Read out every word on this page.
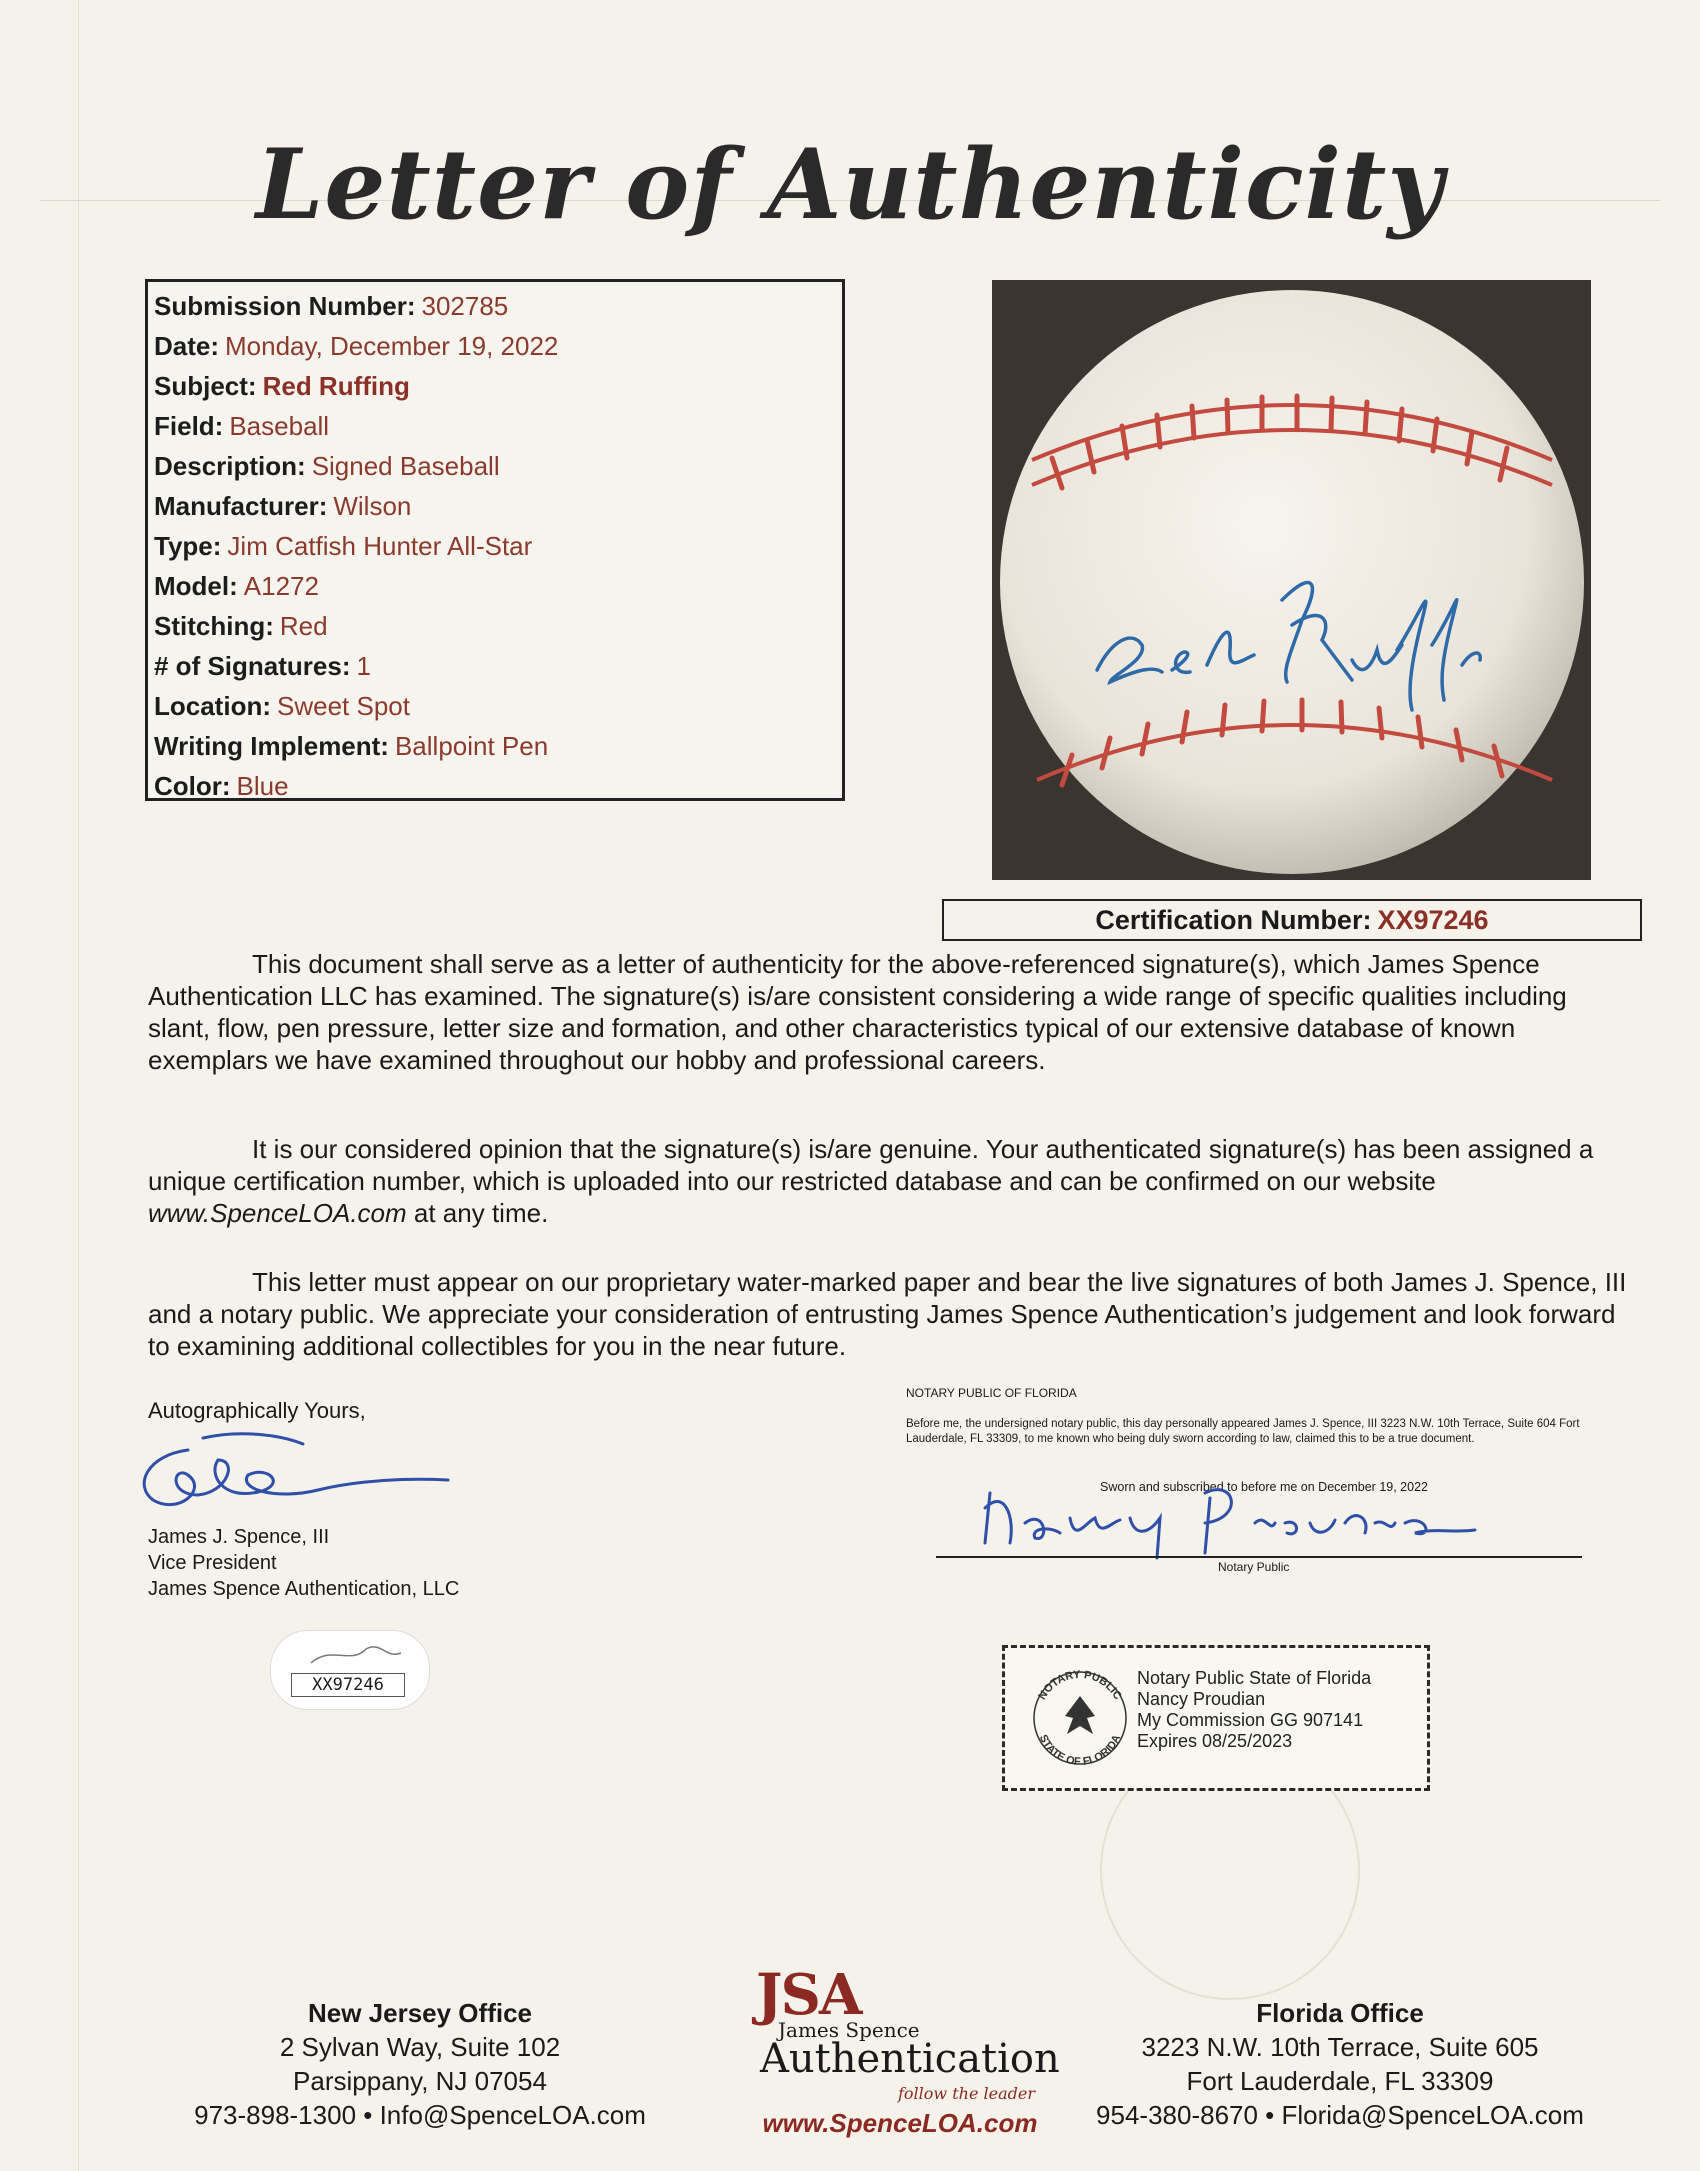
Letter of Authenticity
Submission Number: 302785
Date: Monday, December 19, 2022
Subject: Red Ruffing
Field: Baseball
Description: Signed Baseball
Manufacturer: Wilson
Type: Jim Catfish Hunter All-Star
Model: A1272
Stitching: Red
# of Signatures: 1
Location: Sweet Spot
Writing Implement: Ballpoint Pen
Color: Blue
Certification Number: XX97246

This document shall serve as a letter of authenticity for the above-referenced signature(s), which James Spence Authentication LLC has examined. The signature(s) is/are consistent considering a wide range of specific qualities including slant, flow, pen pressure, letter size and formation, and other characteristics typical of our extensive database of known exemplars we have examined throughout our hobby and professional careers.

It is our considered opinion that the signature(s) is/are genuine. Your authenticated signature(s) has been assigned a unique certification number, which is uploaded into our restricted database and can be confirmed on our website www.SpenceLOA.com at any time.

This letter must appear on our proprietary water-marked paper and bear the live signatures of both James J. Spence, III and a notary public. We appreciate your consideration of entrusting James Spence Authentication’s judgement and look forward to examining additional collectibles for you in the near future.

Autographically Yours,
James J. Spence, III
Vice President
James Spence Authentication, LLC
XX97246
NOTARY PUBLIC OF FLORIDA
Before me, the undersigned notary public, this day personally appeared James J. Spence, III 3223 N.W. 10th Terrace, Suite 604 Fort Lauderdale, FL 33309, to me known who being duly sworn according to law, claimed this to be a true document.
Sworn and subscribed to before me on December 19, 2022
Notary Public
NOTARY PUBLIC
STATE OF FLORIDA
Notary Public State of Florida
Nancy Proudian
My Commission GG 907141
Expires 08/25/2023
New Jersey Office
2 Sylvan Way, Suite 102
Parsippany, NJ 07054
973-898-1300 • Info@SpenceLOA.com
JSA
James Spence
Authentication
follow the leader
www.SpenceLOA.com
Florida Office
3223 N.W. 10th Terrace, Suite 605
Fort Lauderdale, FL 33309
954-380-8670 • Florida@SpenceLOA.com
